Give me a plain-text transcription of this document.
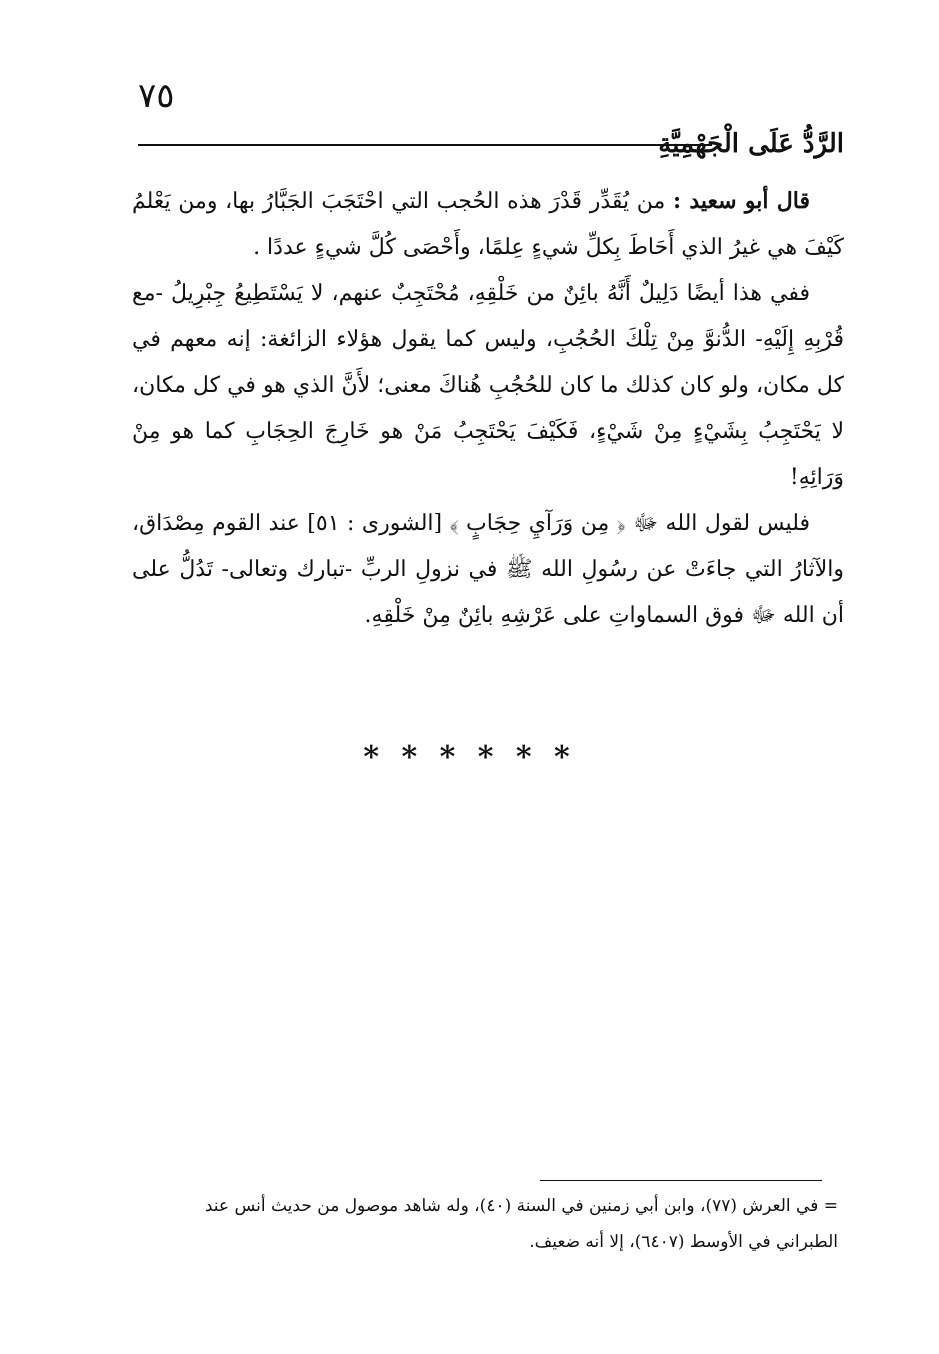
٧٥
الرَّدُّ عَلَى الْجَهْمِيَّةِ

قال أبو سعيد : من يُقَدِّر قَدْرَ هذه الحُجب التي احْتَجَبَ الجَبَّارُ بها، ومن يَعْلمُ كَيْفَ هي غيرُ الذي أَحَاطَ بِكلِّ شيءٍ عِلمًا، وأَحْصَى كُلَّ شيءٍ عددًا .

ففي هذا أيضًا دَلِيلٌ أَنَّهُ بائِنٌ من خَلْقِهِ، مُحْتَجِبٌ عنهم، لا يَسْتَطِيعُ جِبْرِيلُ -مع قُرْبِهِ إِلَيْهِ- الدُّنوَّ مِنْ تِلْكَ الحُجُبِ، وليس كما يقول هؤلاء الزائغة: إنه معهم في كل مكان، ولو كان كذلك ما كان للحُجُبِ هُناكَ معنى؛ لأَنَّ الذي هو في كل مكان، لا يَحْتَجِبُ بِشَيْءٍ مِنْ شَيْءٍ، فَكَيْفَ يَحْتَجِبُ مَنْ هو خَارِجَ الحِجَابِ كما هو مِنْ وَرَائِهِ!

فليس لقول الله ﷻ ﴿ مِن وَرَآيِ حِجَابٍ ﴾ [الشورى : ٥١] عند القوم مِصْدَاق، والآثارُ التي جاءَتْ عن رسُولِ الله ﷺ في نزولِ الربِّ -تبارك وتعالى- تَدُلُّ على أن الله ﷻ فوق السماواتِ على عَرْشِهِ بائِنٌ مِنْ خَلْقِهِ.

* * * * * *

= في العرش (٧٧)، وابن أبي زمنين في السنة (٤٠)، وله شاهد موصول من حديث أنس عند

الطبراني في الأوسط (٦٤٠٧)، إلا أنه ضعيف.
